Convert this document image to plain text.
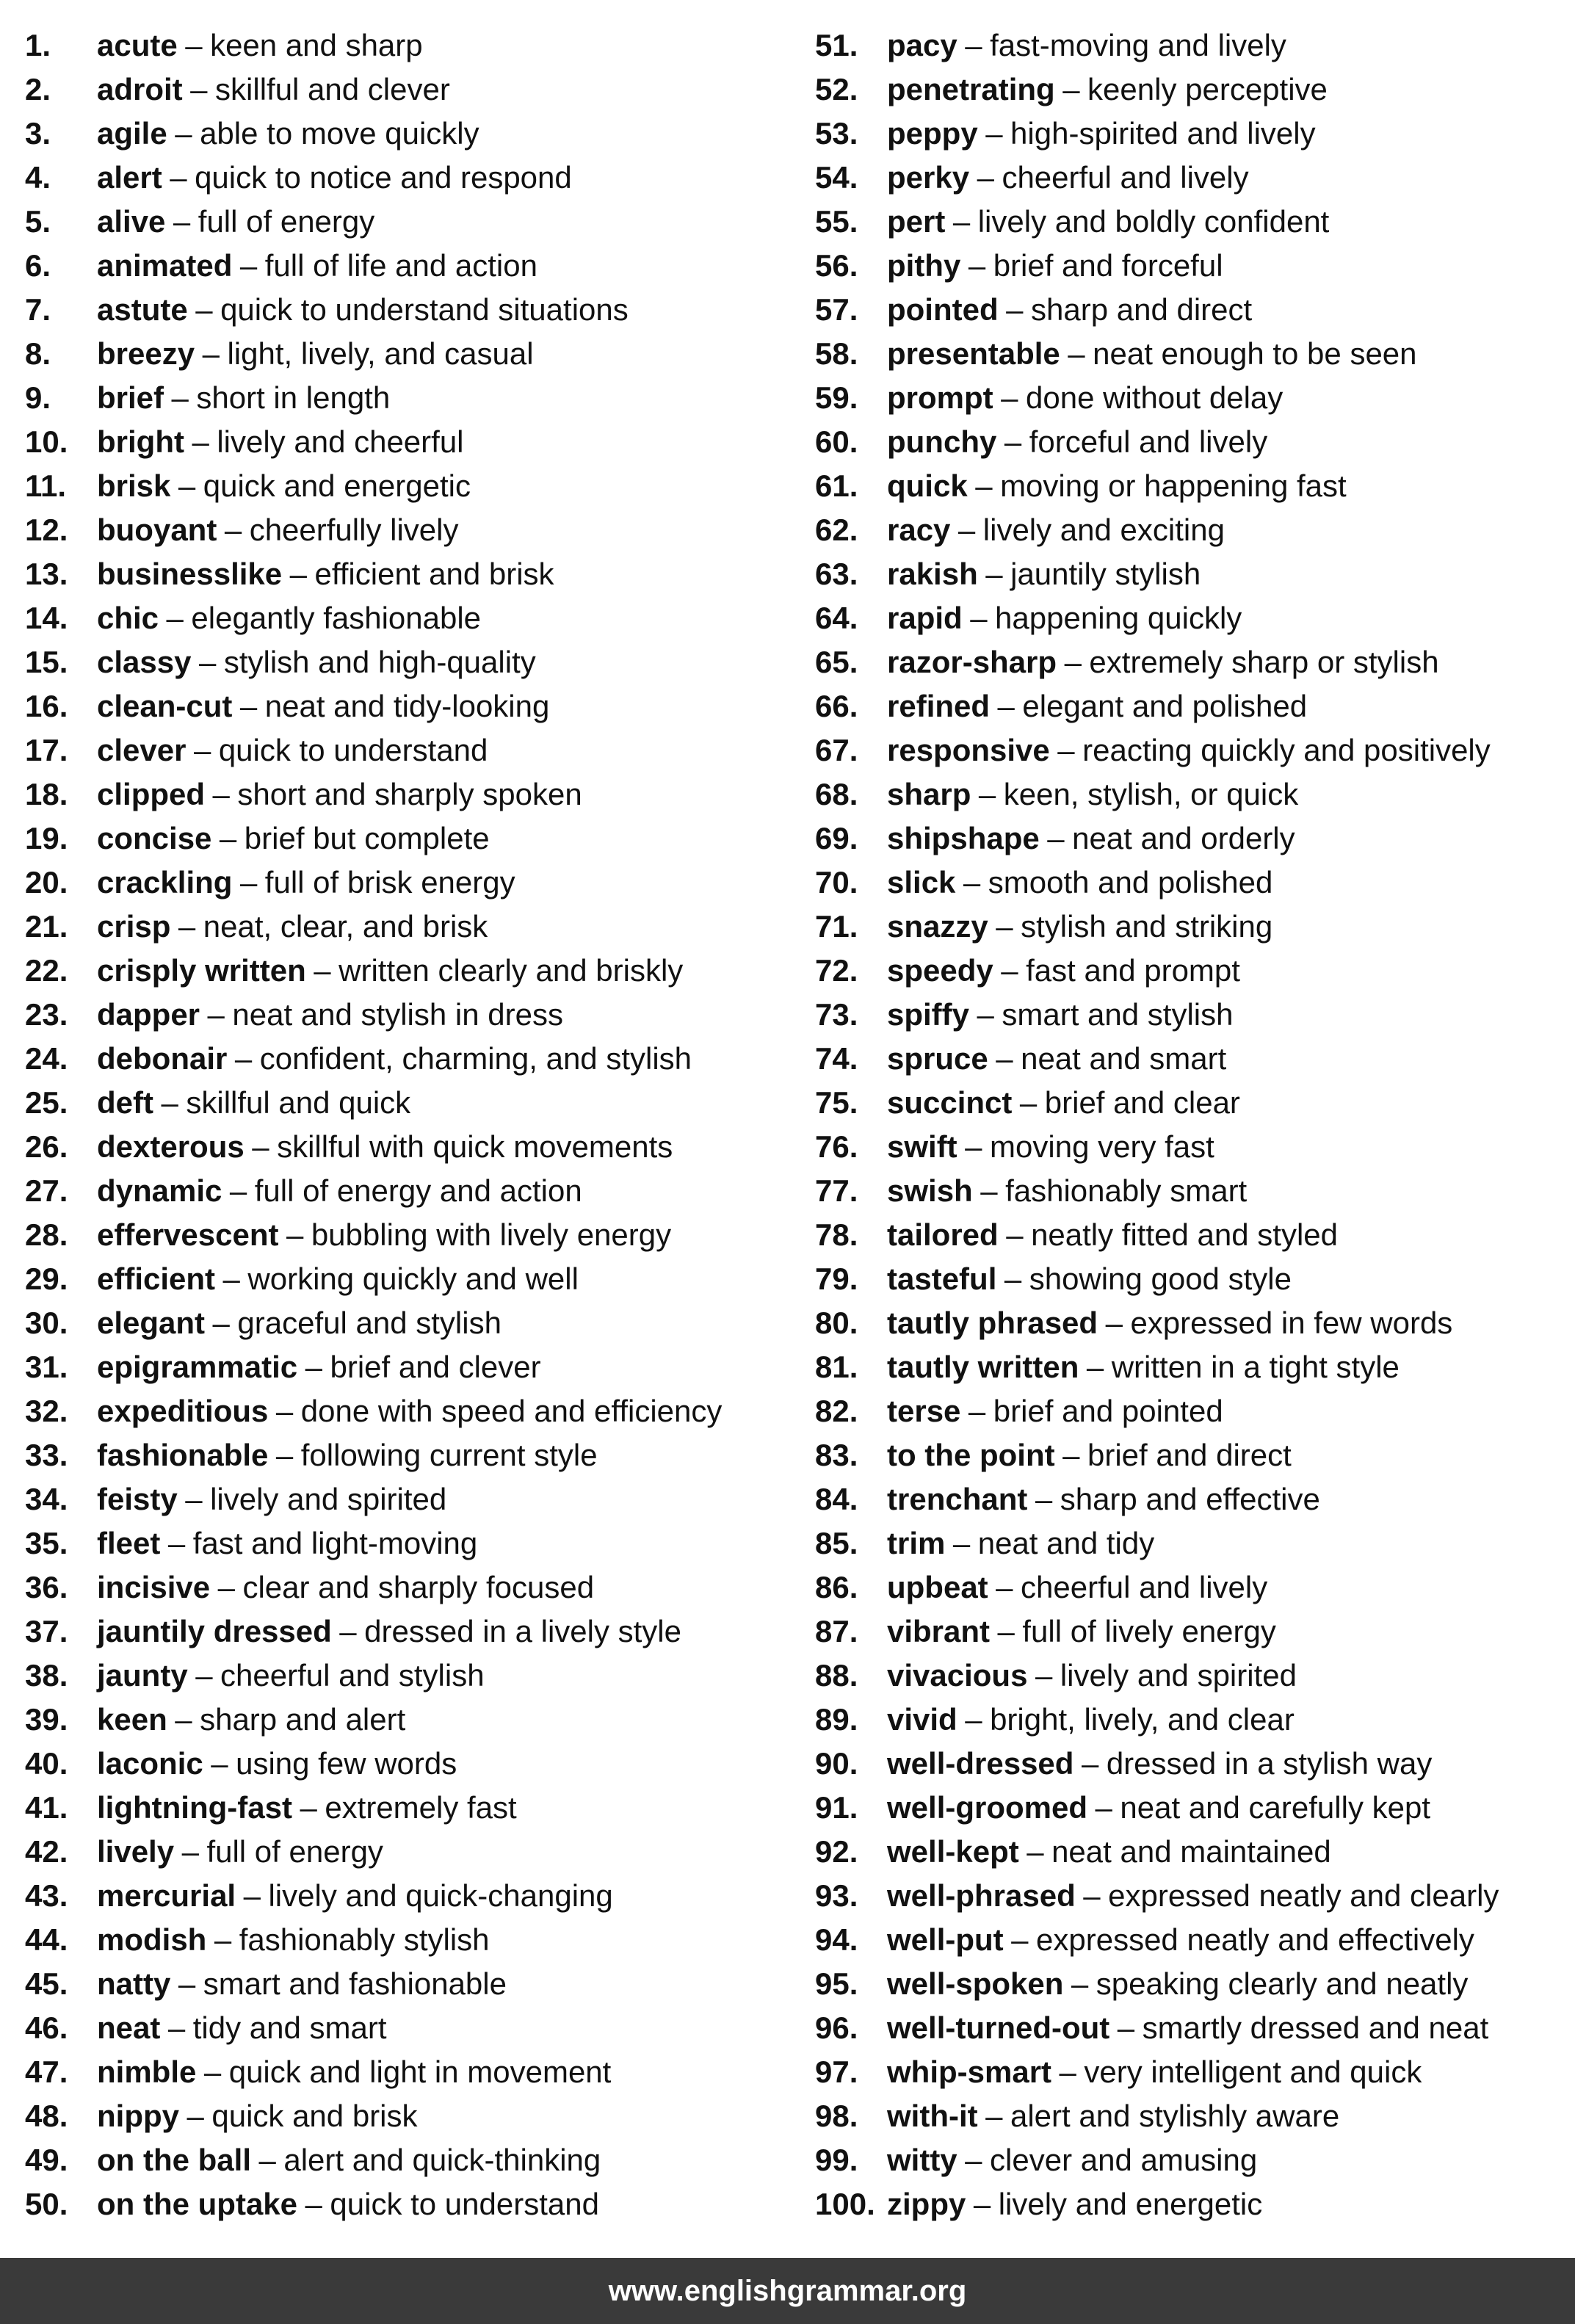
1.	acute – keen and sharp
2.	adroit – skillful and clever
3.	agile – able to move quickly
4.	alert – quick to notice and respond
5.	alive – full of energy
6.	animated – full of life and action
7.	astute – quick to understand situations
8.	breezy – light, lively, and casual
9.	brief – short in length
10. bright – lively and cheerful
11. brisk – quick and energetic
12. buoyant – cheerfully lively
13. businesslike – efficient and brisk
14. chic – elegantly fashionable
15. classy – stylish and high-quality
16. clean-cut – neat and tidy-looking
17. clever – quick to understand
18. clipped – short and sharply spoken
19. concise – brief but complete
20. crackling – full of brisk energy
21. crisp – neat, clear, and brisk
22. crisply written – written clearly and briskly
23. dapper – neat and stylish in dress
24. debonair – confident, charming, and stylish
25. deft – skillful and quick
26. dexterous – skillful with quick movements
27. dynamic – full of energy and action
28. effervescent – bubbling with lively energy
29. efficient – working quickly and well
30. elegant – graceful and stylish
31. epigrammatic – brief and clever
32. expeditious – done with speed and efficiency
33. fashionable – following current style
34. feisty – lively and spirited
35. fleet – fast and light-moving
36. incisive – clear and sharply focused
37. jauntily dressed – dressed in a lively style
38. jaunty – cheerful and stylish
39. keen – sharp and alert
40. laconic – using few words
41. lightning-fast – extremely fast
42. lively – full of energy
43. mercurial – lively and quick-changing
44. modish – fashionably stylish
45. natty – smart and fashionable
46. neat – tidy and smart
47. nimble – quick and light in movement
48. nippy – quick and brisk
49. on the ball – alert and quick-thinking
50. on the uptake – quick to understand
51. pacy – fast-moving and lively
52. penetrating – keenly perceptive
53. peppy – high-spirited and lively
54. perky – cheerful and lively
55. pert – lively and boldly confident
56. pithy – brief and forceful
57. pointed – sharp and direct
58. presentable – neat enough to be seen
59. prompt – done without delay
60. punchy – forceful and lively
61. quick – moving or happening fast
62. racy – lively and exciting
63. rakish – jauntily stylish
64. rapid – happening quickly
65. razor-sharp – extremely sharp or stylish
66. refined – elegant and polished
67. responsive – reacting quickly and positively
68. sharp – keen, stylish, or quick
69. shipshape – neat and orderly
70. slick – smooth and polished
71. snazzy – stylish and striking
72. speedy – fast and prompt
73. spiffy – smart and stylish
74. spruce – neat and smart
75. succinct – brief and clear
76. swift – moving very fast
77. swish – fashionably smart
78. tailored – neatly fitted and styled
79. tasteful – showing good style
80. tautly phrased – expressed in few words
81. tautly written – written in a tight style
82. terse – brief and pointed
83. to the point – brief and direct
84. trenchant – sharp and effective
85. trim – neat and tidy
86. upbeat – cheerful and lively
87. vibrant – full of lively energy
88. vivacious – lively and spirited
89. vivid – bright, lively, and clear
90. well-dressed – dressed in a stylish way
91. well-groomed – neat and carefully kept
92. well-kept – neat and maintained
93. well-phrased – expressed neatly and clearly
94. well-put – expressed neatly and effectively
95. well-spoken – speaking clearly and neatly
96. well-turned-out – smartly dressed and neat
97. whip-smart – very intelligent and quick
98. with-it – alert and stylishly aware
99. witty – clever and amusing
100. zippy – lively and energetic
www.englishgrammar.org
